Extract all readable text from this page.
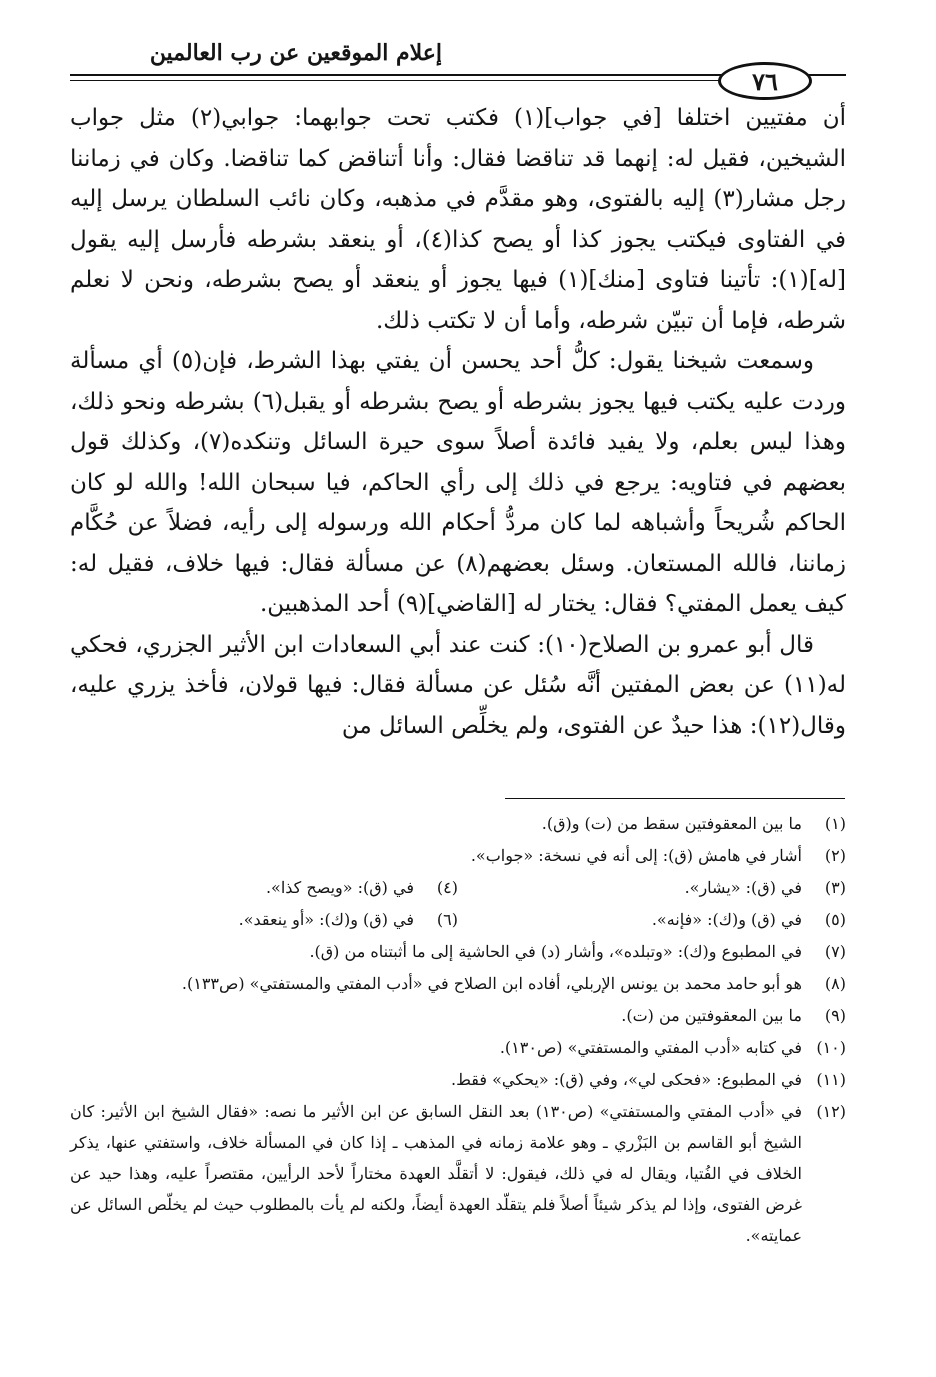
إعلام الموقعين عن رب العالمين
٧٦

أن مفتيين اختلفا [في جواب](١) فكتب تحت جوابهما: جوابي(٢) مثل جواب الشيخين، فقيل له: إنهما قد تناقضا فقال: وأنا أتناقض كما تناقضا. وكان في زماننا رجل مشار(٣) إليه بالفتوى، وهو مقدَّم في مذهبه، وكان نائب السلطان يرسل إليه في الفتاوى فيكتب يجوز كذا أو يصح كذا(٤)، أو ينعقد بشرطه فأرسل إليه يقول [له](١): تأتينا فتاوى [منك](١) فيها يجوز أو ينعقد أو يصح بشرطه، ونحن لا نعلم شرطه، فإما أن تبيّن شرطه، وأما أن لا تكتب ذلك.

وسمعت شيخنا يقول: كلُّ أحد يحسن أن يفتي بهذا الشرط، فإن(٥) أي مسألة وردت عليه يكتب فيها يجوز بشرطه أو يصح بشرطه أو يقبل(٦) بشرطه ونحو ذلك، وهذا ليس بعلم، ولا يفيد فائدة أصلاً سوى حيرة السائل وتنكده(٧)، وكذلك قول بعضهم في فتاويه: يرجع في ذلك إلى رأي الحاكم، فيا سبحان الله! والله لو كان الحاكم شُريحاً وأشباهه لما كان مردُّ أحكام الله ورسوله إلى رأيه، فضلاً عن حُكَّام زماننا، فالله المستعان. وسئل بعضهم(٨) عن مسألة فقال: فيها خلاف، فقيل له: كيف يعمل المفتي؟ فقال: يختار له [القاضي](٩) أحد المذهبين.

قال أبو عمرو بن الصلاح(١٠): كنت عند أبي السعادات ابن الأثير الجزري، فحكي له(١١) عن بعض المفتين أنَّه سُئل عن مسألة فقال: فيها قولان، فأخذ يزري عليه، وقال(١٢): هذا حيدٌ عن الفتوى، ولم يخلِّص السائل من

(١)
ما بين المعقوفتين سقط من (ت) و(ق).
(٢)
أشار في هامش (ق): إلى أنه في نسخة: «جواب».
(٣)
في (ق): «يشار».
(٤)
في (ق): «ويصح كذا».
(٥)
في (ق) و(ك): «فإنه».
(٦)
في (ق) و(ك): «أو ينعقد».
(٧)
في المطبوع و(ك): «وتبلده»، وأشار (د) في الحاشية إلى ما أثبتناه من (ق).
(٨)
هو أبو حامد محمد بن يونس الإربلي، أفاده ابن الصلاح في «أدب المفتي والمستفتي» (ص١٣٣).
(٩)
ما بين المعقوفتين من (ت).
(١٠)
في كتابه «أدب المفتي والمستفتي» (ص١٣٠).
(١١)
في المطبوع: «فحكى لي»، وفي (ق): «يحكي» فقط.
(١٢)
في «أدب المفتي والمستفتي» (ص١٣٠) بعد النقل السابق عن ابن الأثير ما نصه: «فقال الشيخ ابن الأثير: كان الشيخ أبو القاسم بن البَزْري ـ وهو علامة زمانه في المذهب ـ إذا كان في المسألة خلاف، واستفتي عنها، يذكر الخلاف في الفُتيا، ويقال له في ذلك، فيقول: لا أتقلَّد العهدة مختاراً لأحد الرأيين، مقتصراً عليه، وهذا حيد عن غرض الفتوى، وإذا لم يذكر شيئاً أصلاً فلم يتقلّد العهدة أيضاً، ولكنه لم يأت بالمطلوب حيث لم يخلّص السائل عن عمايته».
